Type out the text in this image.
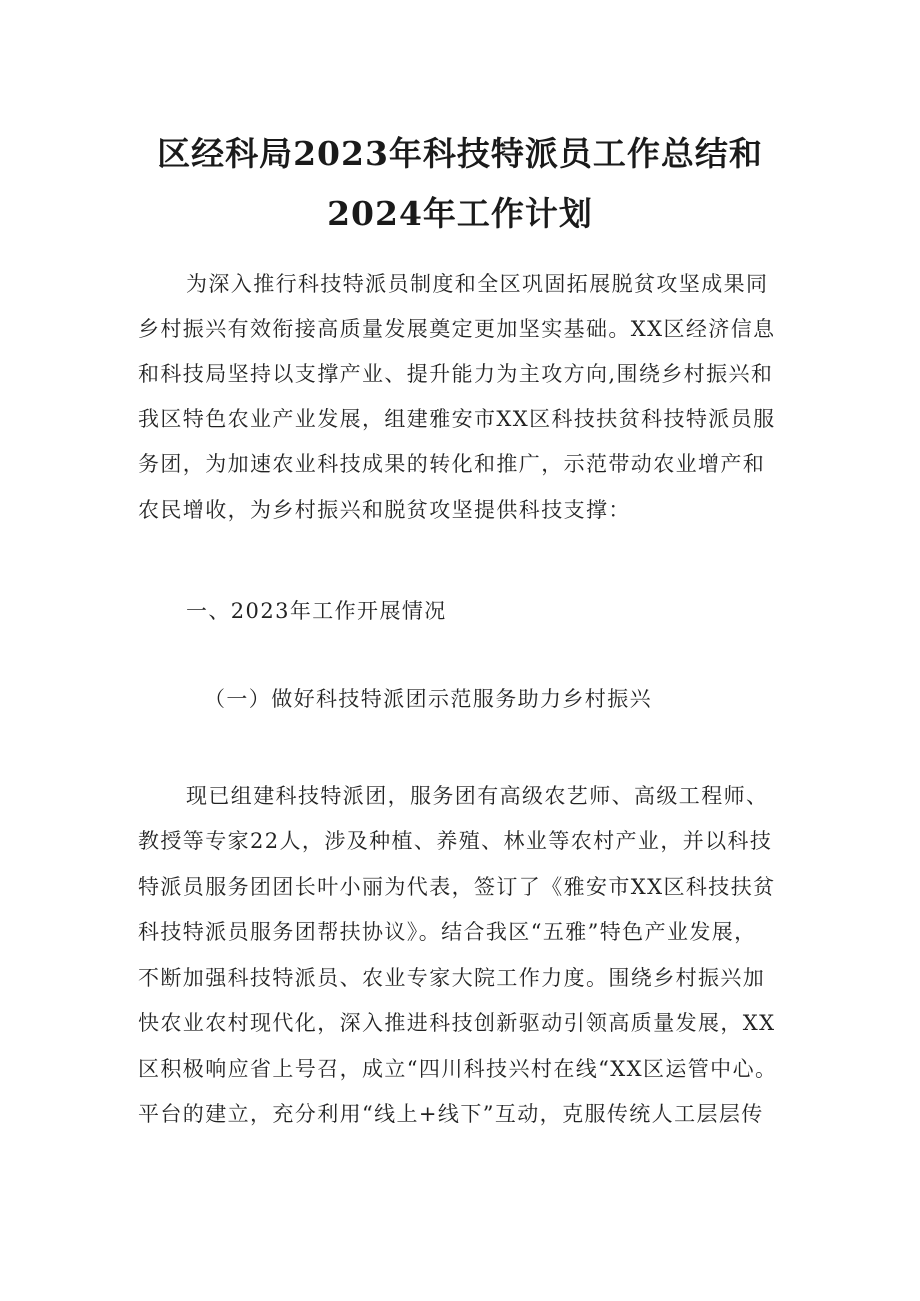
区经科局2023年科技特派员工作总结和
2024年工作计划
为深入推行科技特派员制度和全区巩固拓展脱贫攻坚成果同
乡村振兴有效衔接高质量发展奠定更加坚实基础。XX区经济信息
和科技局坚持以支撑产业、提升能力为主攻方向,围绕乡村振兴和
我区特色农业产业发展，组建雅安市XX区科技扶贫科技特派员服
务团，为加速农业科技成果的转化和推广，示范带动农业增产和
农民增收，为乡村振兴和脱贫攻坚提供科技支撑：
一、2023年工作开展情况
（一）做好科技特派团示范服务助力乡村振兴
现已组建科技特派团，服务团有高级农艺师、高级工程师、
教授等专家22人，涉及种植、养殖、林业等农村产业，并以科技
特派员服务团团长叶小丽为代表，签订了《雅安市XX区科技扶贫
科技特派员服务团帮扶协议》。结合我区“五雅”特色产业发展，
不断加强科技特派员、农业专家大院工作力度。围绕乡村振兴加
快农业农村现代化，深入推进科技创新驱动引领高质量发展，XX
区积极响应省上号召，成立“四川科技兴村在线“XX区运管中心。
平台的建立，充分利用“线上+线下”互动，克服传统人工层层传
